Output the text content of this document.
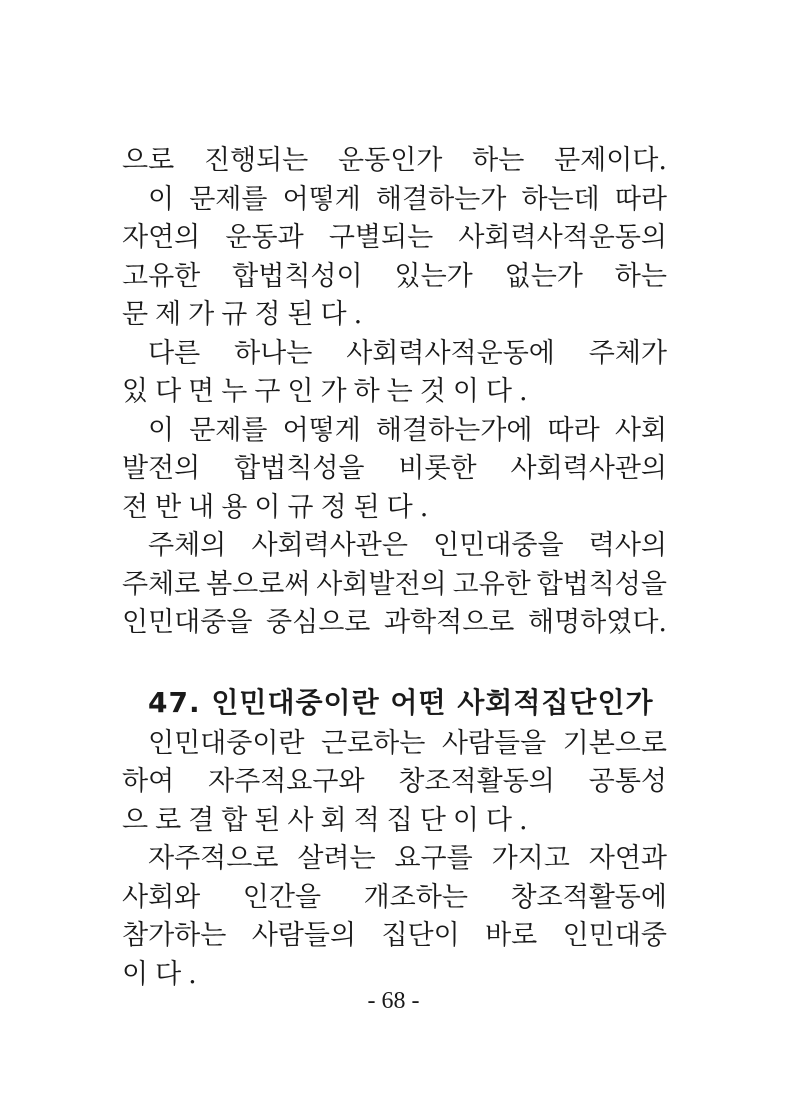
으로 진행되는 운동인가 하는 문제이다.
이 문제를 어떻게 해결하는가 하는데 따라
자연의 운동과 구별되는 사회력사적운동의
고유한 합법칙성이 있는가 없는가 하는
문제가 규정된다.
다른 하나는 사회력사적운동에 주체가
있다면 누구인가 하는것이다.
이 문제를 어떻게 해결하는가에 따라 사회
발전의 합법칙성을 비롯한 사회력사관의
전반내용이 규정된다.
주체의 사회력사관은 인민대중을 력사의
주체로 봄으로써 사회발전의 고유한 합법칙성을
인민대중을 중심으로 과학적으로 해명하였다.
47. 인민대중이란 어떤 사회적집단인가
인민대중이란 근로하는 사람들을 기본으로
하여 자주적요구와 창조적활동의 공통성
으로 결합된 사회적집단이다.
자주적으로 살려는 요구를 가지고 자연과
사회와 인간을 개조하는 창조적활동에
참가하는 사람들의 집단이 바로 인민대중
이다.
- 68 -
